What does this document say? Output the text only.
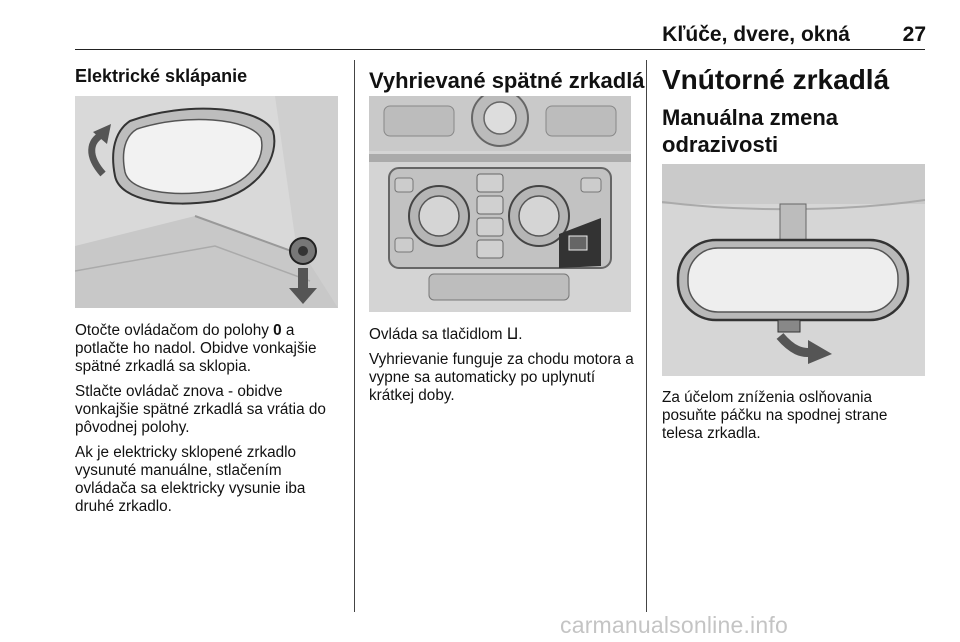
Kľúče, dvere, okná	27
Elektrické sklápanie

Otočte ovládačom do polohy 0 a potlačte ho nadol. Obidve vonkajšie spätné zrkadlá sa sklopia.

Stlačte ovládač znova - obidve vonkajšie spätné zrkadlá sa vrátia do pôvodnej polohy.

Ak je elektricky sklopené zrkadlo vysunuté manuálne, stlačením ovládača sa elektricky vysunie iba druhé zrkadlo.

Vyhrievané spätné zrkadlá

Ovláda sa tlačidlom ⵡ.

Vyhrievanie funguje za chodu motora a vypne sa automaticky po uplynutí krátkej doby.

Vnútorné zrkadlá
Manuálna zmena odrazivosti

Za účelom zníženia oslňovania posuňte páčku na spodnej strane telesa zrkadla.

carmanualsonline.info
